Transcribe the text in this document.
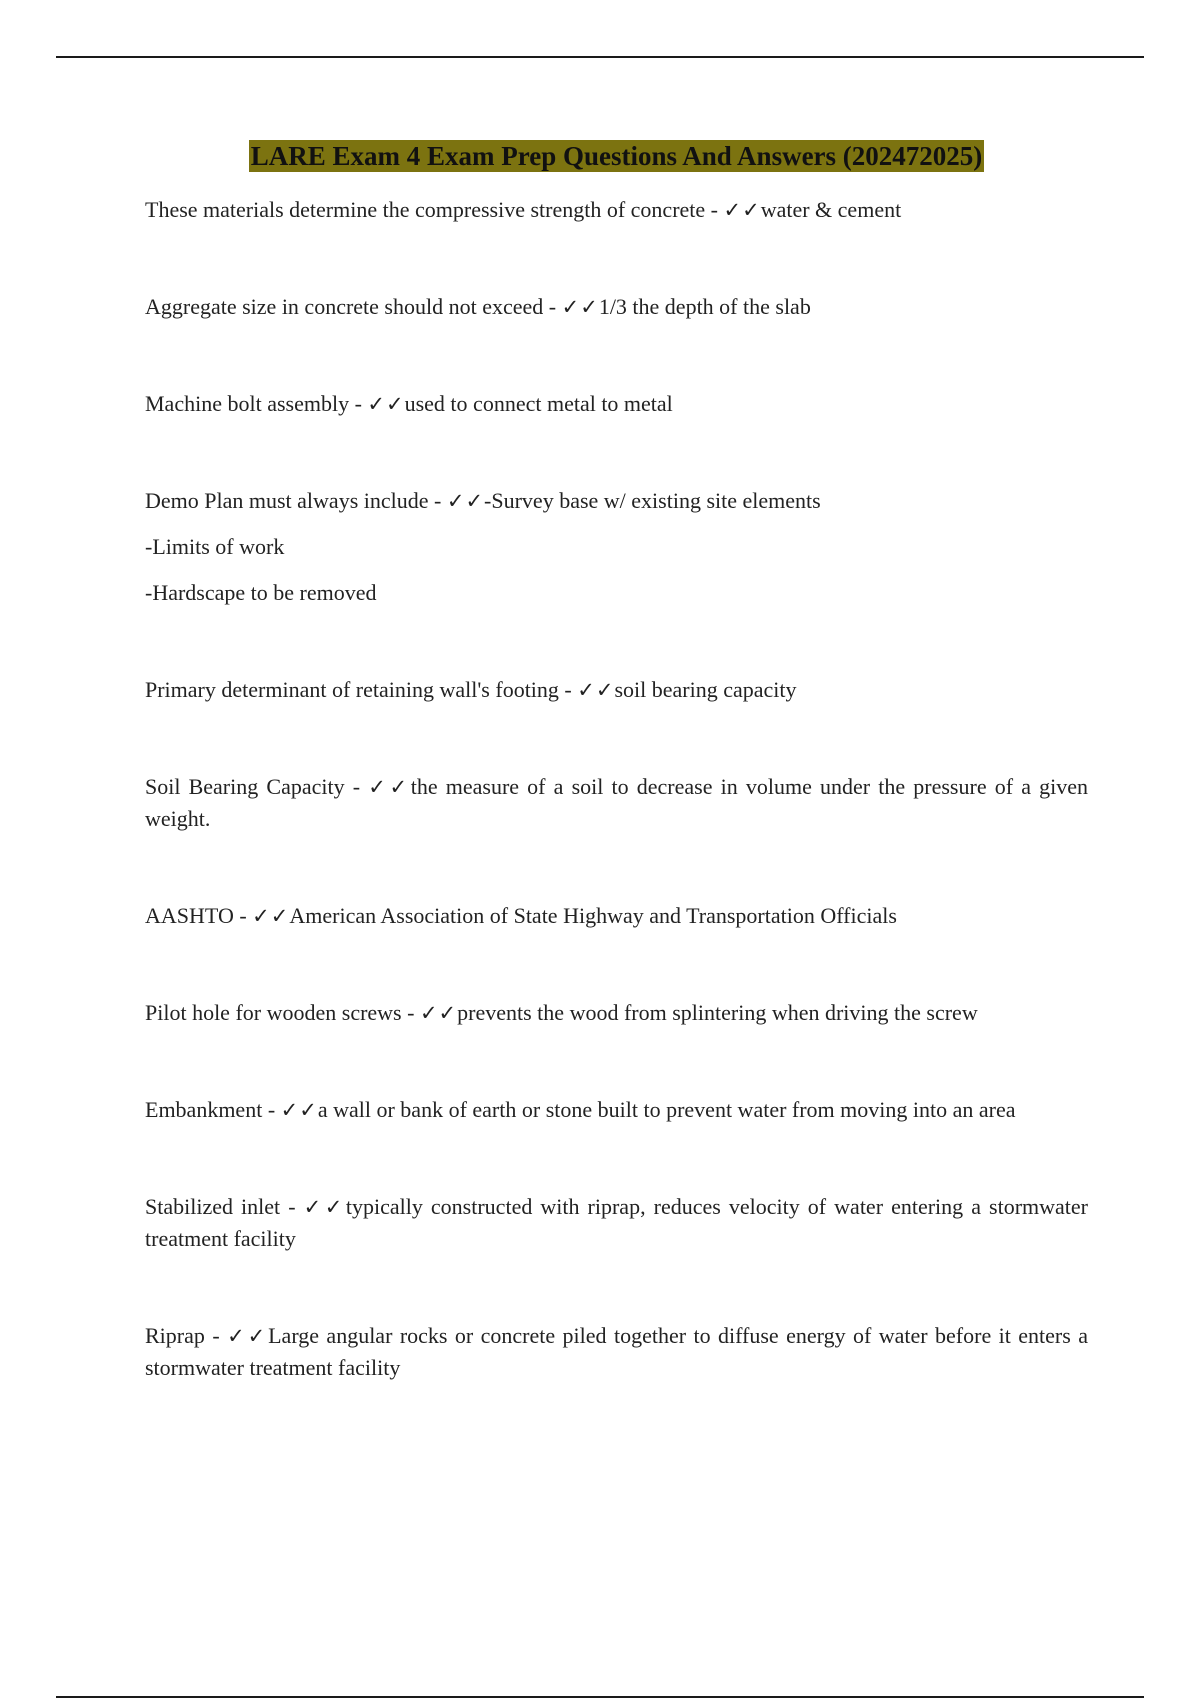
LARE Exam 4 Exam Prep Questions And Answers (202472025)

These materials determine the compressive strength of concrete - ✓✓water & cement

Aggregate size in concrete should not exceed - ✓✓1/3 the depth of the slab

Machine bolt assembly - ✓✓used to connect metal to metal

Demo Plan must always include - ✓✓-Survey base w/ existing site elements

-Limits of work

-Hardscape to be removed

Primary determinant of retaining wall's footing - ✓✓soil bearing capacity

Soil Bearing Capacity - ✓✓the measure of a soil to decrease in volume under the pressure of a given weight.

AASHTO - ✓✓American Association of State Highway and Transportation Officials

Pilot hole for wooden screws - ✓✓prevents the wood from splintering when driving the screw

Embankment - ✓✓a wall or bank of earth or stone built to prevent water from moving into an area

Stabilized inlet - ✓✓typically constructed with riprap, reduces velocity of water entering a stormwater treatment facility

Riprap - ✓✓Large angular rocks or concrete piled together to diffuse energy of water before it enters a stormwater treatment facility
